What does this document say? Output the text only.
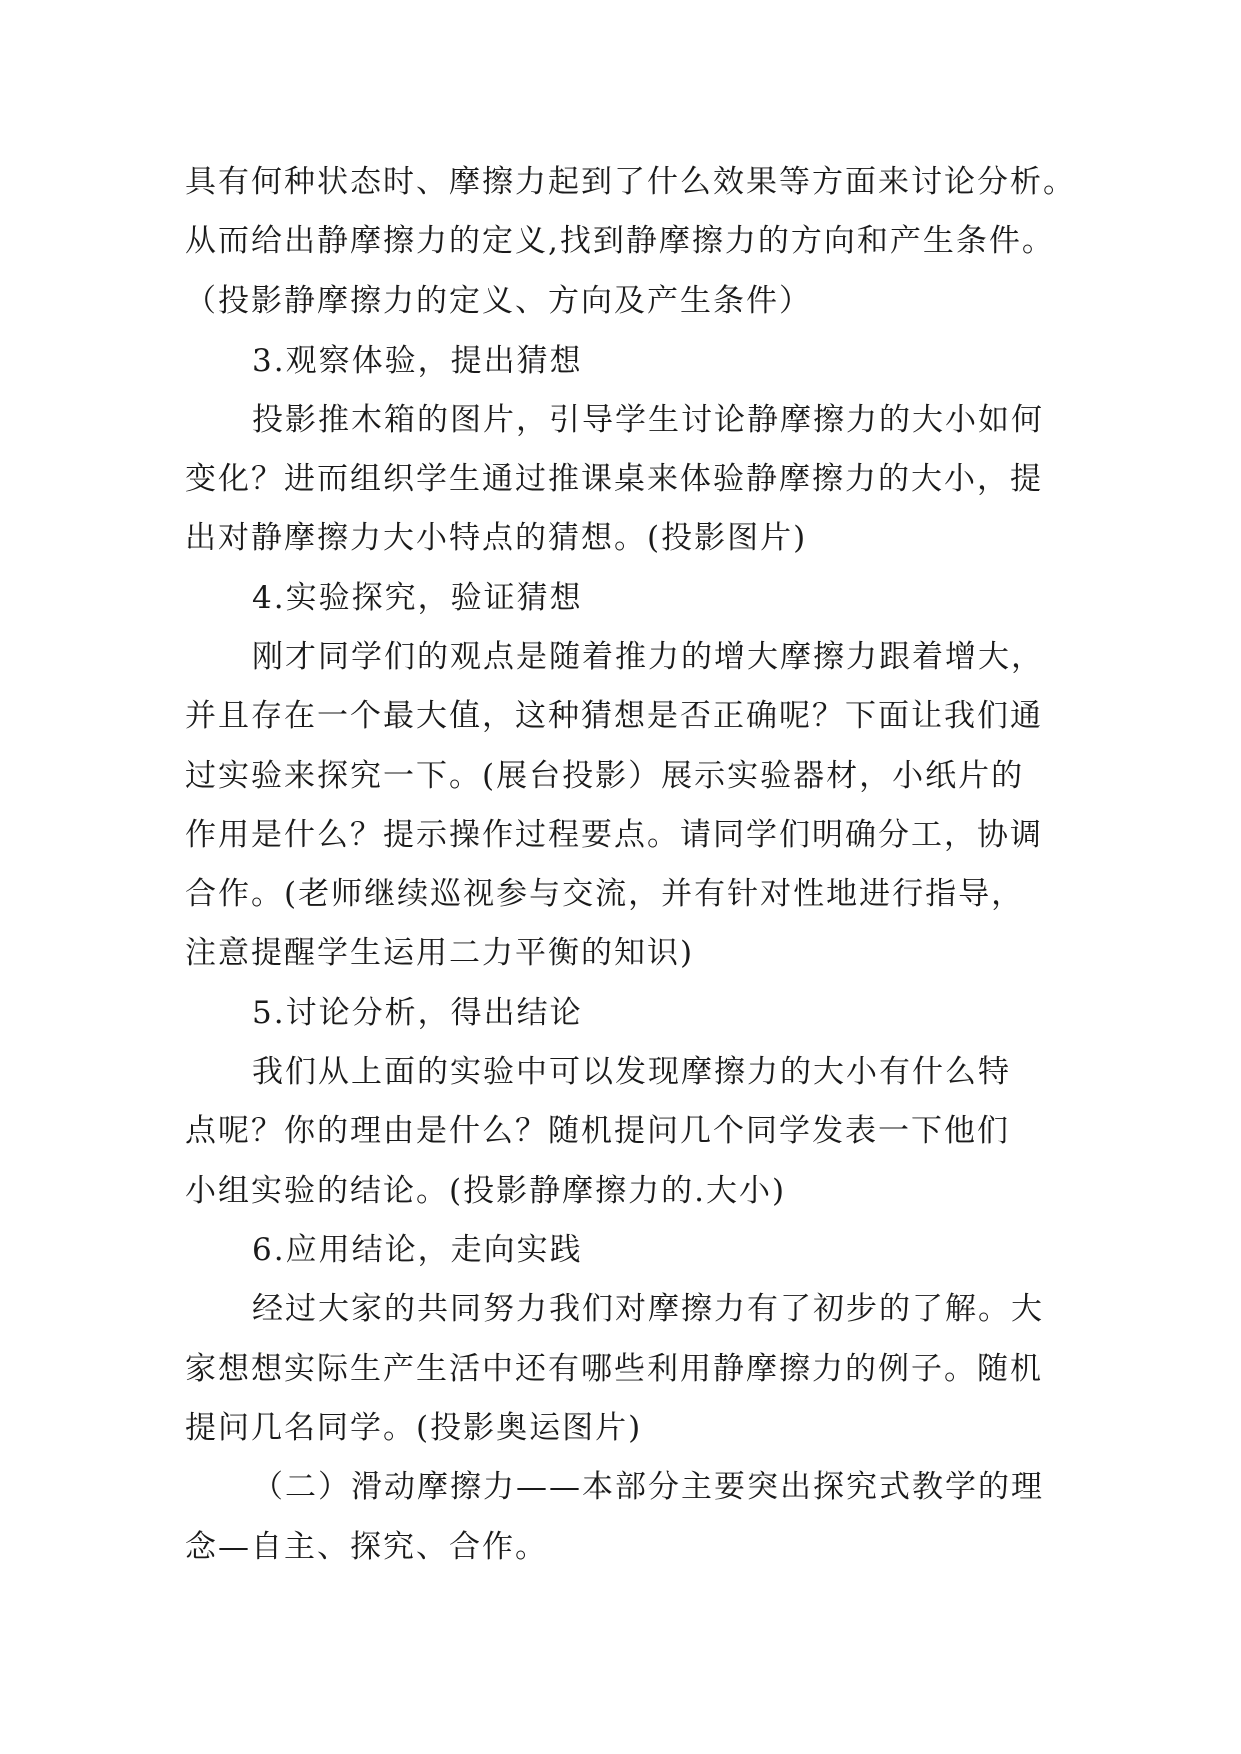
具有何种状态时、摩擦力起到了什么效果等方面来讨论分析。
从而给出静摩擦力的定义,找到静摩擦力的方向和产生条件。
（投影静摩擦力的定义、方向及产生条件）
3.观察体验，提出猜想
投影推木箱的图片，引导学生讨论静摩擦力的大小如何
变化？进而组织学生通过推课桌来体验静摩擦力的大小，提
出对静摩擦力大小特点的猜想。(投影图片)
4.实验探究，验证猜想
刚才同学们的观点是随着推力的增大摩擦力跟着增大，
并且存在一个最大值，这种猜想是否正确呢？下面让我们通
过实验来探究一下。(展台投影）展示实验器材，小纸片的
作用是什么？提示操作过程要点。请同学们明确分工，协调
合作。(老师继续巡视参与交流，并有针对性地进行指导，
注意提醒学生运用二力平衡的知识)
5.讨论分析，得出结论
我们从上面的实验中可以发现摩擦力的大小有什么特
点呢？你的理由是什么？随机提问几个同学发表一下他们
小组实验的结论。(投影静摩擦力的.大小)
6.应用结论，走向实践
经过大家的共同努力我们对摩擦力有了初步的了解。大
家想想实际生产生活中还有哪些利用静摩擦力的例子。随机
提问几名同学。(投影奥运图片)
（二）滑动摩擦力——本部分主要突出探究式教学的理
念—自主、探究、合作。
